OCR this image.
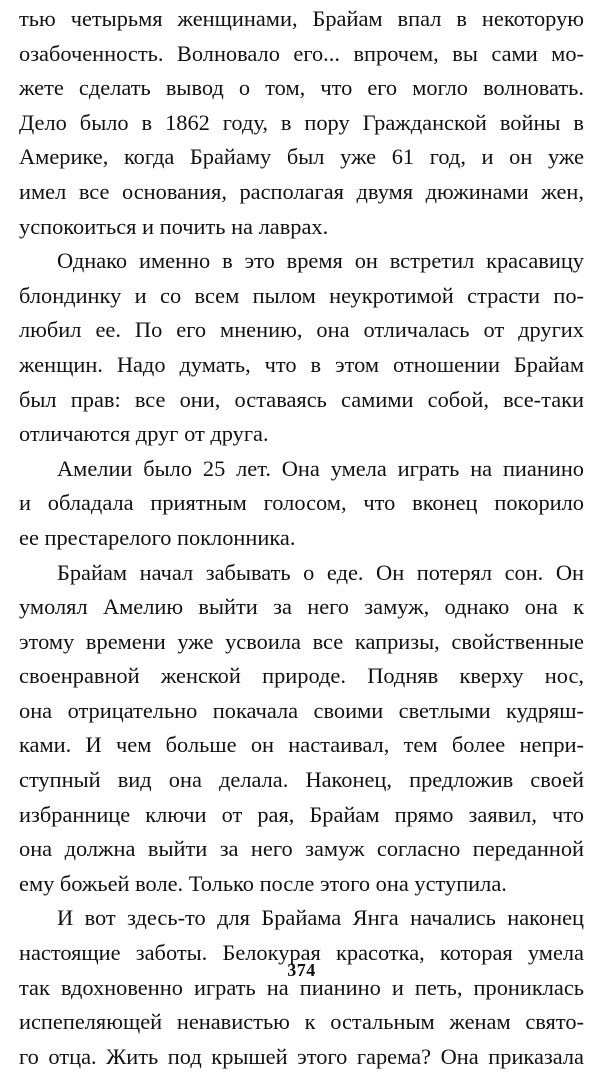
тью четырьмя женщинами, Брайам впал в некоторую
озабоченность. Волновало его... впрочем, вы сами мо-
жете сделать вывод о том, что его могло волновать.
Дело было в 1862 году, в пору Гражданской войны в
Америке, когда Брайаму был уже 61 год, и он уже
имел все основания, располагая двумя дюжинами жен,
успокоиться и почить на лаврах.
Однако именно в это время он встретил красавицу
блондинку и со всем пылом неукротимой страсти по-
любил ее. По его мнению, она отличалась от других
женщин. Надо думать, что в этом отношении Брайам
был прав: все они, оставаясь самими собой, все-таки
отличаются друг от друга.
Амелии было 25 лет. Она умела играть на пианино
и обладала приятным голосом, что вконец покорило
ее престарелого поклонника.
Брайам начал забывать о еде. Он потерял сон. Он
умолял Амелию выйти за него замуж, однако она к
этому времени уже усвоила все капризы, свойственные
своенравной женской природе. Подняв кверху нос,
она отрицательно покачала своими светлыми кудряш-
ками. И чем больше он настаивал, тем более непри-
ступный вид она делала. Наконец, предложив своей
избраннице ключи от рая, Брайам прямо заявил, что
она должна выйти за него замуж согласно переданной
ему божьей воле. Только после этого она уступила.
И вот здесь-то для Брайама Янга начались наконец
настоящие заботы. Белокурая красотка, которая умела
так вдохновенно играть на пианино и петь, прониклась
испепеляющей ненавистью к остальным женам свято-
го отца. Жить под крышей этого гарема? Она приказала
374
